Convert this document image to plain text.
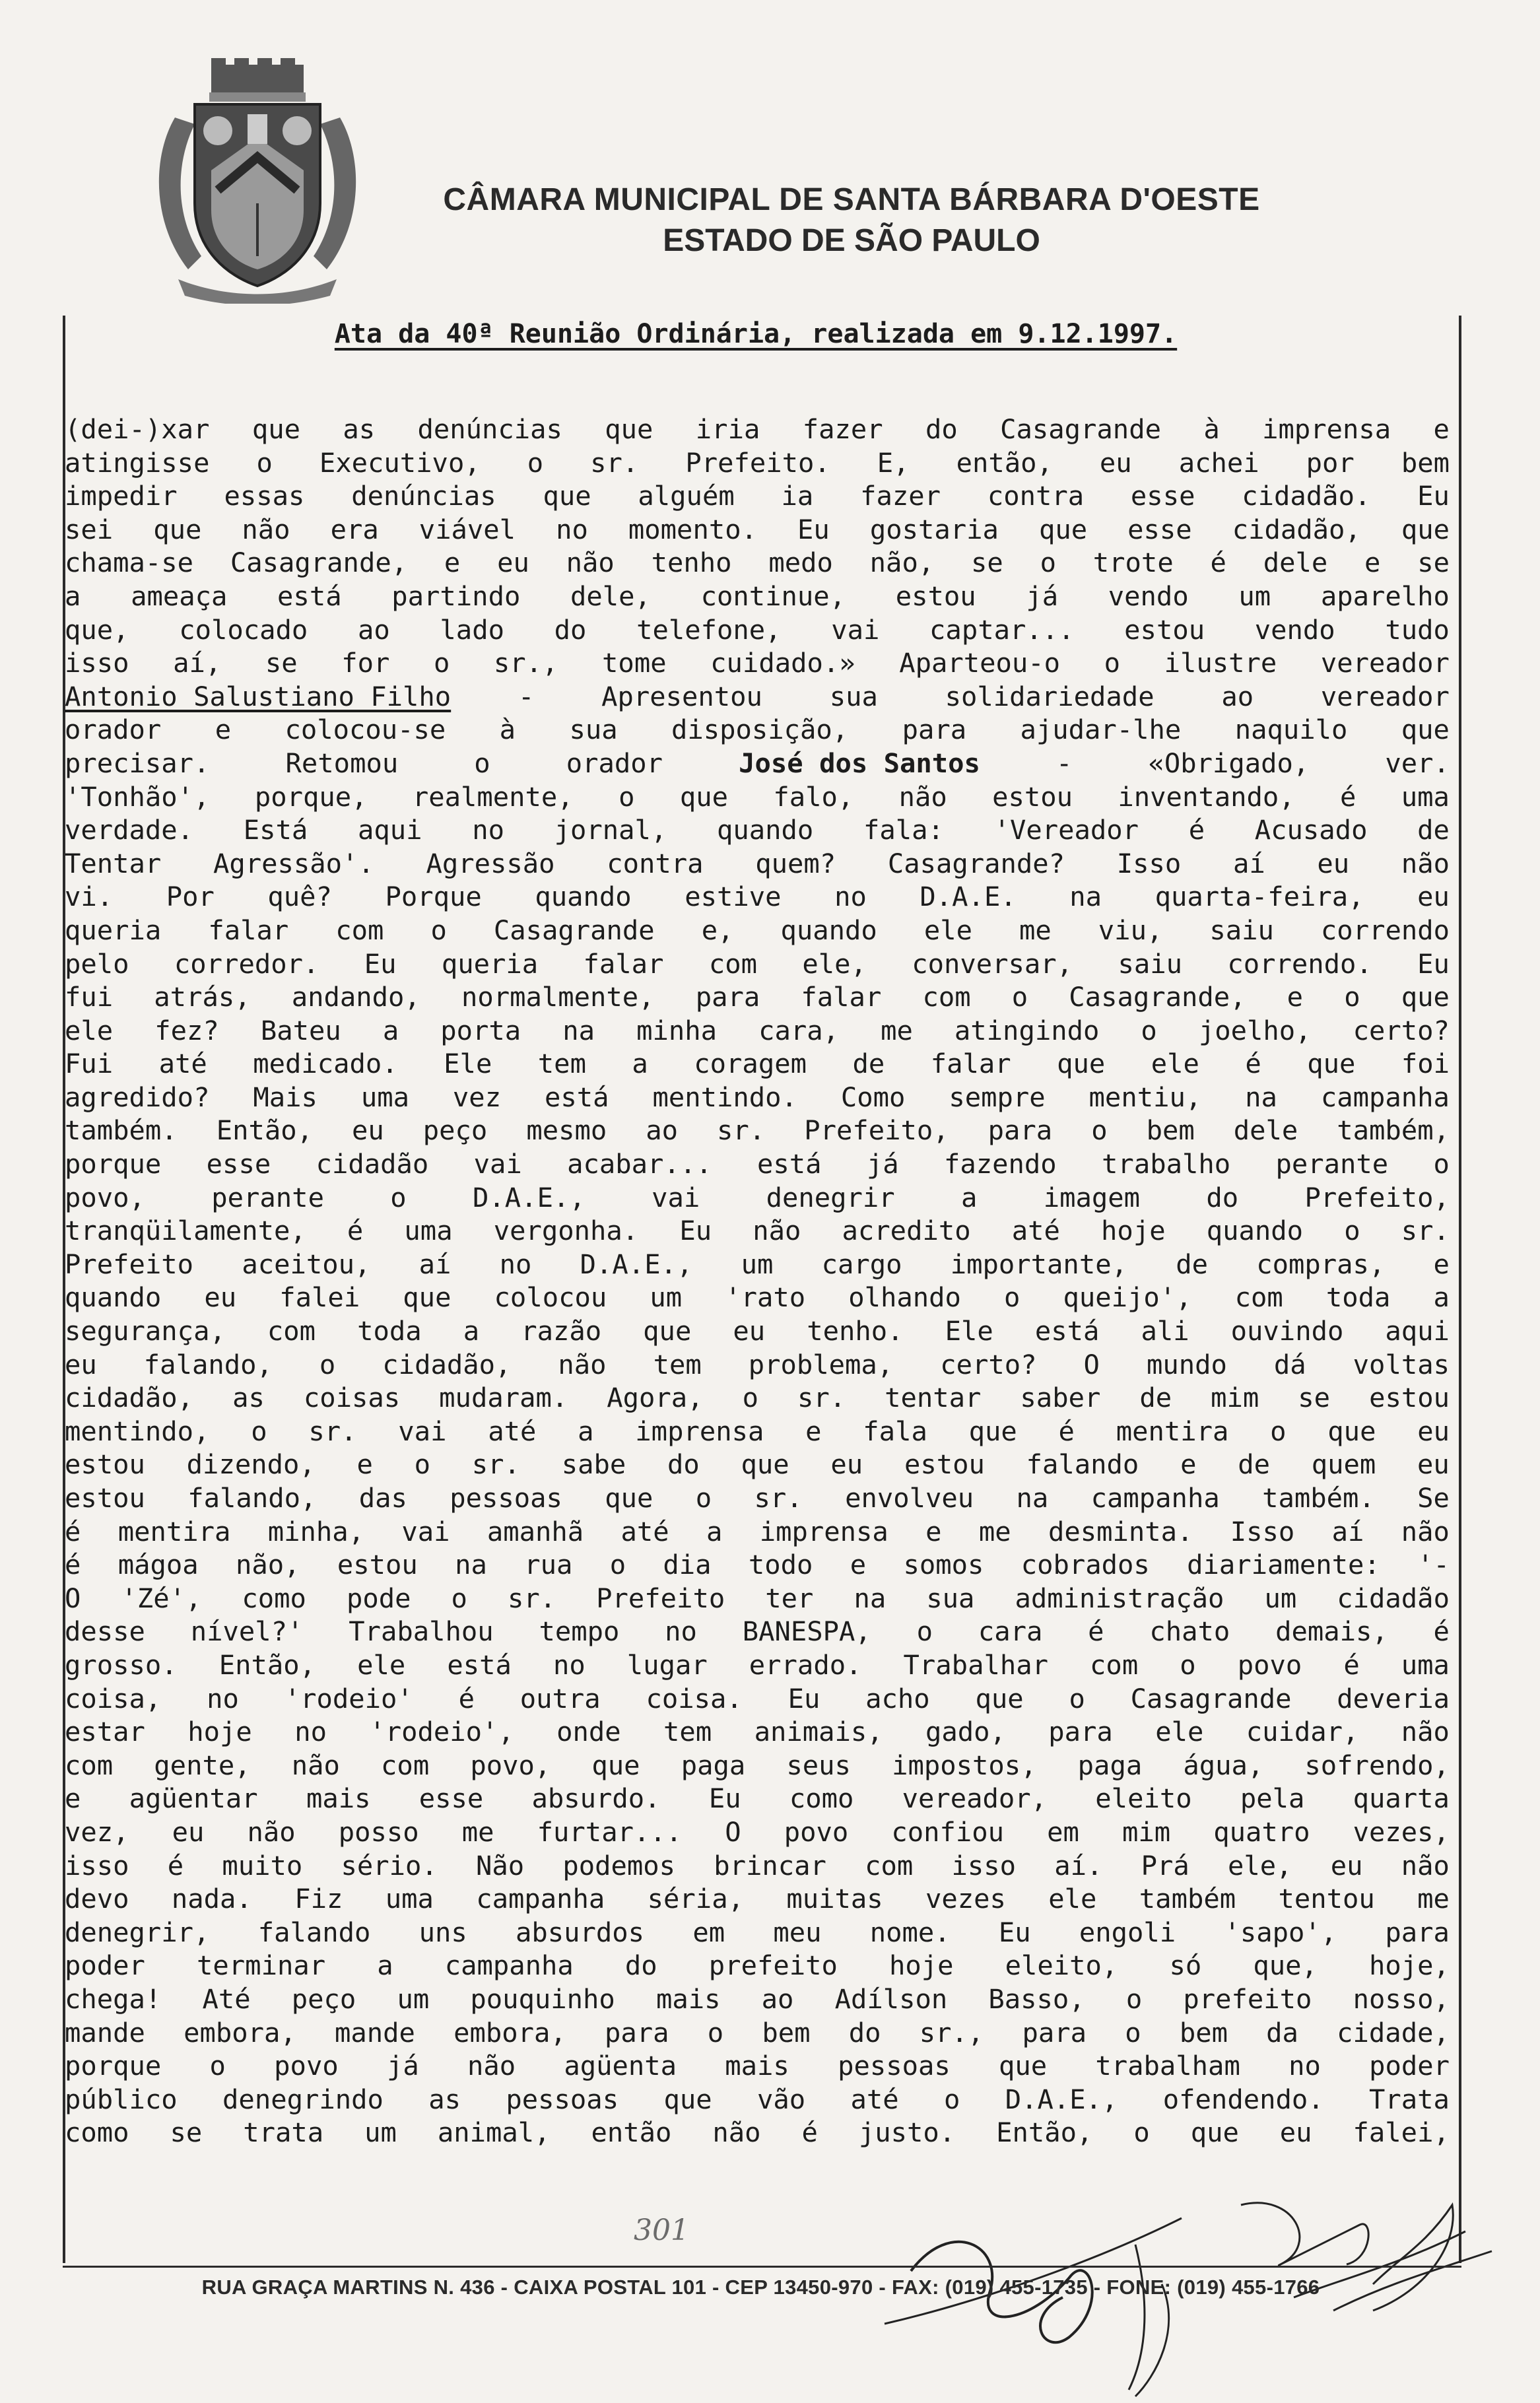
CÂMARA MUNICIPAL DE SANTA BÁRBARA D'OESTE
ESTADO DE SÃO PAULO
Ata da 40ª Reunião Ordinária, realizada em 9.12.1997.
(dei-)xar que as denúncias que iria fazer do Casagrande à imprensa e
atingisse o Executivo, o sr. Prefeito. E, então, eu achei por bem
impedir essas denúncias que alguém ia fazer contra esse cidadão. Eu
sei que não era viável no momento. Eu gostaria que esse cidadão, que
chama-se Casagrande, e eu não tenho medo não, se o trote é dele e se
a ameaça está partindo dele, continue, estou já vendo um aparelho
que, colocado ao lado do telefone, vai captar... estou vendo tudo
isso aí, se for o sr., tome cuidado.» Aparteou-o o ilustre vereador
Antonio Salustiano Filho	-	Apresentou	sua	solidariedade	ao	vereador
orador e colocou-se à sua disposição, para ajudar-lhe naquilo que
precisar.	Retomou	o	orador	José dos Santos	-	«Obrigado,	ver.
'Tonhão', porque, realmente, o que falo, não estou inventando, é uma
verdade. Está aqui no jornal, quando fala: 'Vereador é Acusado de
Tentar Agressão'. Agressão contra quem? Casagrande? Isso aí eu não
vi. Por quê? Porque quando estive no D.A.E. na quarta-feira, eu
queria falar com o Casagrande e, quando ele me viu, saiu correndo
pelo corredor. Eu queria falar com ele, conversar, saiu correndo. Eu
fui atrás, andando, normalmente, para falar com o Casagrande, e o que
ele fez? Bateu a porta na minha cara, me atingindo o joelho, certo?
Fui até medicado. Ele tem a coragem de falar que ele é que foi
agredido? Mais uma vez está mentindo. Como sempre mentiu, na campanha
também. Então, eu peço mesmo ao sr. Prefeito, para o bem dele também,
porque esse cidadão vai acabar... está já fazendo trabalho perante o
povo, perante o D.A.E., vai denegrir a imagem do Prefeito,
tranqüilamente, é uma vergonha. Eu não acredito até hoje quando o sr.
Prefeito aceitou, aí no D.A.E., um cargo importante, de compras, e
quando eu falei que colocou um 'rato olhando o queijo', com toda a
segurança, com toda a razão que eu tenho. Ele está ali ouvindo aqui
eu falando, o cidadão, não tem problema, certo? O mundo dá voltas
cidadão, as coisas mudaram. Agora, o sr. tentar saber de mim se estou
mentindo, o sr. vai até a imprensa e fala que é mentira o que eu
estou dizendo, e o sr. sabe do que eu estou falando e de quem eu
estou falando, das pessoas que o sr. envolveu na campanha também. Se
é mentira minha, vai amanhã até a imprensa e me desminta. Isso aí não
é mágoa não, estou na rua o dia todo e somos cobrados diariamente: '-
O 'Zé', como pode o sr. Prefeito ter na sua administração um cidadão
desse nível?' Trabalhou tempo no BANESPA, o cara é chato demais, é
grosso. Então, ele está no lugar errado. Trabalhar com o povo é uma
coisa, no 'rodeio' é outra coisa. Eu acho que o Casagrande deveria
estar hoje no 'rodeio', onde tem animais, gado, para ele cuidar, não
com gente, não com povo, que paga seus impostos, paga água, sofrendo,
e agüentar mais esse absurdo. Eu como vereador, eleito pela quarta
vez, eu não posso me furtar... O povo confiou em mim quatro vezes,
isso é muito sério. Não podemos brincar com isso aí. Prá ele, eu não
devo nada. Fiz uma campanha séria, muitas vezes ele também tentou me
denegrir, falando uns absurdos em meu nome. Eu engoli 'sapo', para
poder terminar a campanha do prefeito hoje eleito, só que, hoje,
chega! Até peço um pouquinho mais ao Adílson Basso, o prefeito nosso,
mande embora, mande embora, para o bem do sr., para o bem da cidade,
porque o povo já não agüenta mais pessoas que trabalham no poder
público denegrindo as pessoas que vão até o D.A.E., ofendendo. Trata
como se trata um animal, então não é justo. Então, o que eu falei,
301
RUA GRAÇA MARTINS N. 436 - CAIXA POSTAL 101 - CEP 13450-970 - FAX: (019) 455-1735 - FONE: (019) 455-1766
